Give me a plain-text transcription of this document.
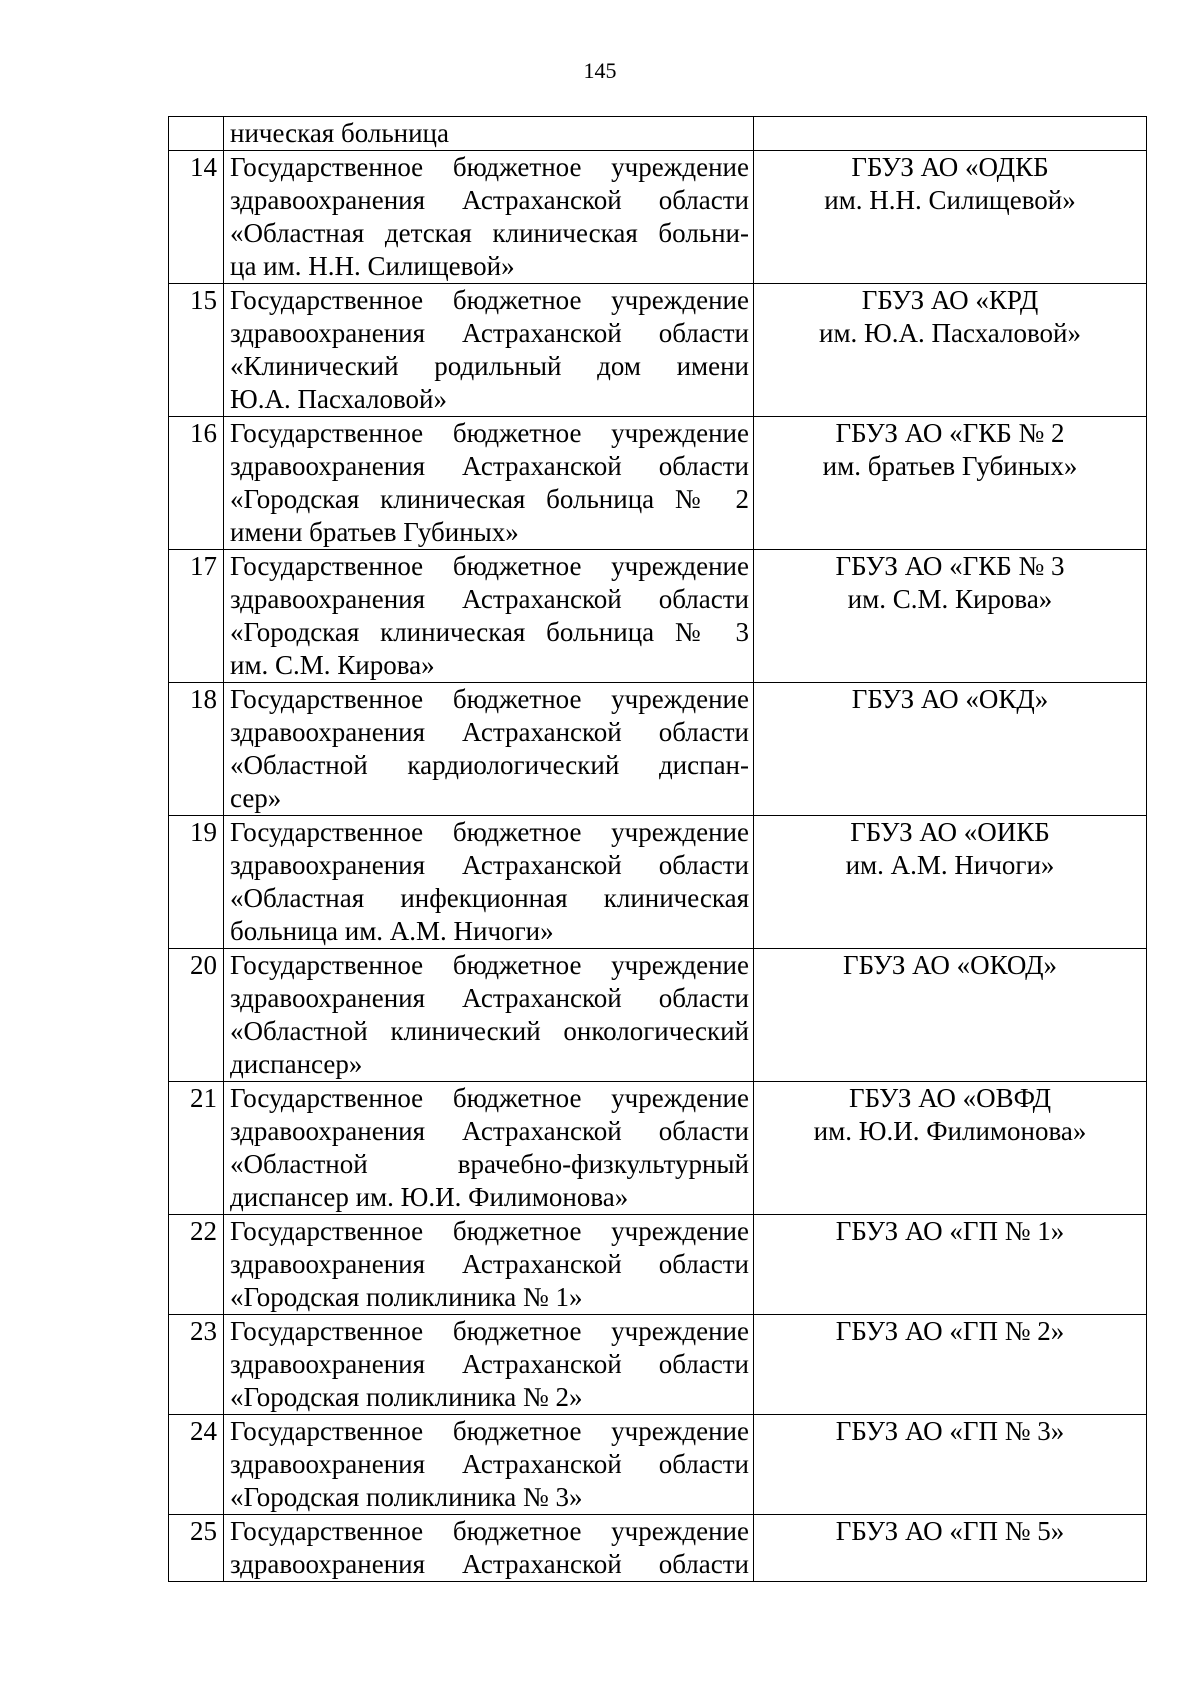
145

	ническая больница	

14	Государственное бюджетное учреждение
здравоохранения Астраханской области
«Областная детская клиническая больни-
ца им. Н.Н. Силищевой»	ГБУЗ АО «ОДКБ
им. Н.Н. Силищевой»

15	Государственное бюджетное учреждение
здравоохранения Астраханской области
«Клинический родильный дом имени
Ю.А. Пасхаловой»	ГБУЗ АО «КРД
им. Ю.А. Пасхаловой»

16	Государственное бюджетное учреждение
здравоохранения Астраханской области
«Городская клиническая больница № 2
имени братьев Губиных»	ГБУЗ АО «ГКБ № 2
им. братьев Губиных»

17	Государственное бюджетное учреждение
здравоохранения Астраханской области
«Городская клиническая больница № 3
им. С.М. Кирова»	ГБУЗ АО «ГКБ № 3
им. С.М. Кирова»

18	Государственное бюджетное учреждение
здравоохранения Астраханской области
«Областной кардиологический диспан-
сер»	ГБУЗ АО «ОКД»

19	Государственное бюджетное учреждение
здравоохранения Астраханской области
«Областная инфекционная клиническая
больница им. А.М. Ничоги»	ГБУЗ АО «ОИКБ
им. А.М. Ничоги»

20	Государственное бюджетное учреждение
здравоохранения Астраханской области
«Областной клинический онкологический
диспансер»	ГБУЗ АО «ОКОД»

21	Государственное бюджетное учреждение
здравоохранения Астраханской области
«Областной врачебно-физкультурный
диспансер им. Ю.И. Филимонова»	ГБУЗ АО «ОВФД
им. Ю.И. Филимонова»

22	Государственное бюджетное учреждение
здравоохранения Астраханской области
«Городская поликлиника № 1»	ГБУЗ АО «ГП № 1»

23	Государственное бюджетное учреждение
здравоохранения Астраханской области
«Городская поликлиника № 2»	ГБУЗ АО «ГП № 2»

24	Государственное бюджетное учреждение
здравоохранения Астраханской области
«Городская поликлиника № 3»	ГБУЗ АО «ГП № 3»

25	Государственное бюджетное учреждение
здравоохранения Астраханской области	ГБУЗ АО «ГП № 5»
